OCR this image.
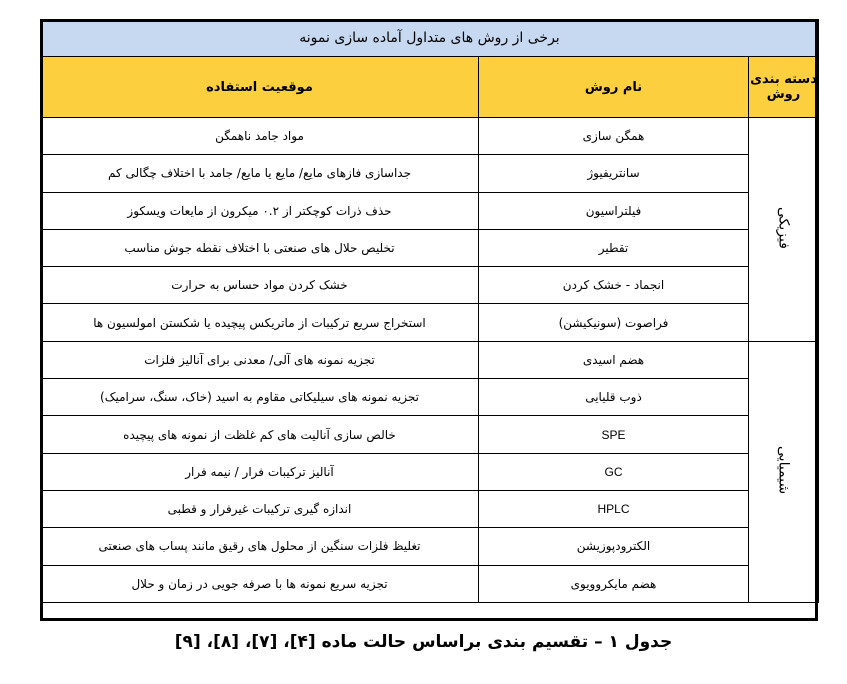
برخی از روش های متداول آماده سازی نمونه		
دسته بندی روش	نام روش	موقعیت استفاده
فیزیکی	همگن سازی	مواد جامد ناهمگن
	سانتریفیوژ	جداسازی فازهای مایع/ مایع یا مایع/ جامد با اختلاف چگالی کم
	فیلتراسیون	حذف ذرات کوچکتر از ۰.۲ میکرون از مایعات ویسکوز
	تقطیر	تخلیص حلال های صنعتی با اختلاف نقطه جوش مناسب
	انجماد - خشک کردن	خشک کردن مواد حساس به حرارت
	فراصوت (سونیکیشن)	استخراج سریع ترکیبات از ماتریکس پیچیده یا شکستن امولسیون ها
شیمیایی	هضم اسیدی	تجزیه نمونه های آلی/ معدنی برای آنالیز فلزات
	ذوب قلیایی	تجزیه نمونه های سیلیکاتی مقاوم به اسید (خاک، سنگ، سرامیک)
	SPE	خالص سازی آنالیت های کم غلظت از نمونه های پیچیده
	GC	آنالیز ترکیبات فرار / نیمه فرار
	HPLC	اندازه گیری ترکیبات غیرفرار و قطبی
	الکترودپوزیشن	تغلیظ فلزات سنگین از محلول های رقیق مانند پساب های صنعتی
	هضم مایکروویوی	تجزیه سریع نمونه ها با صرفه جویی در زمان و حلال
جدول ۱ – تقسیم بندی براساس حالت ماده [۴]، [۷]، [۸]، [۹]
